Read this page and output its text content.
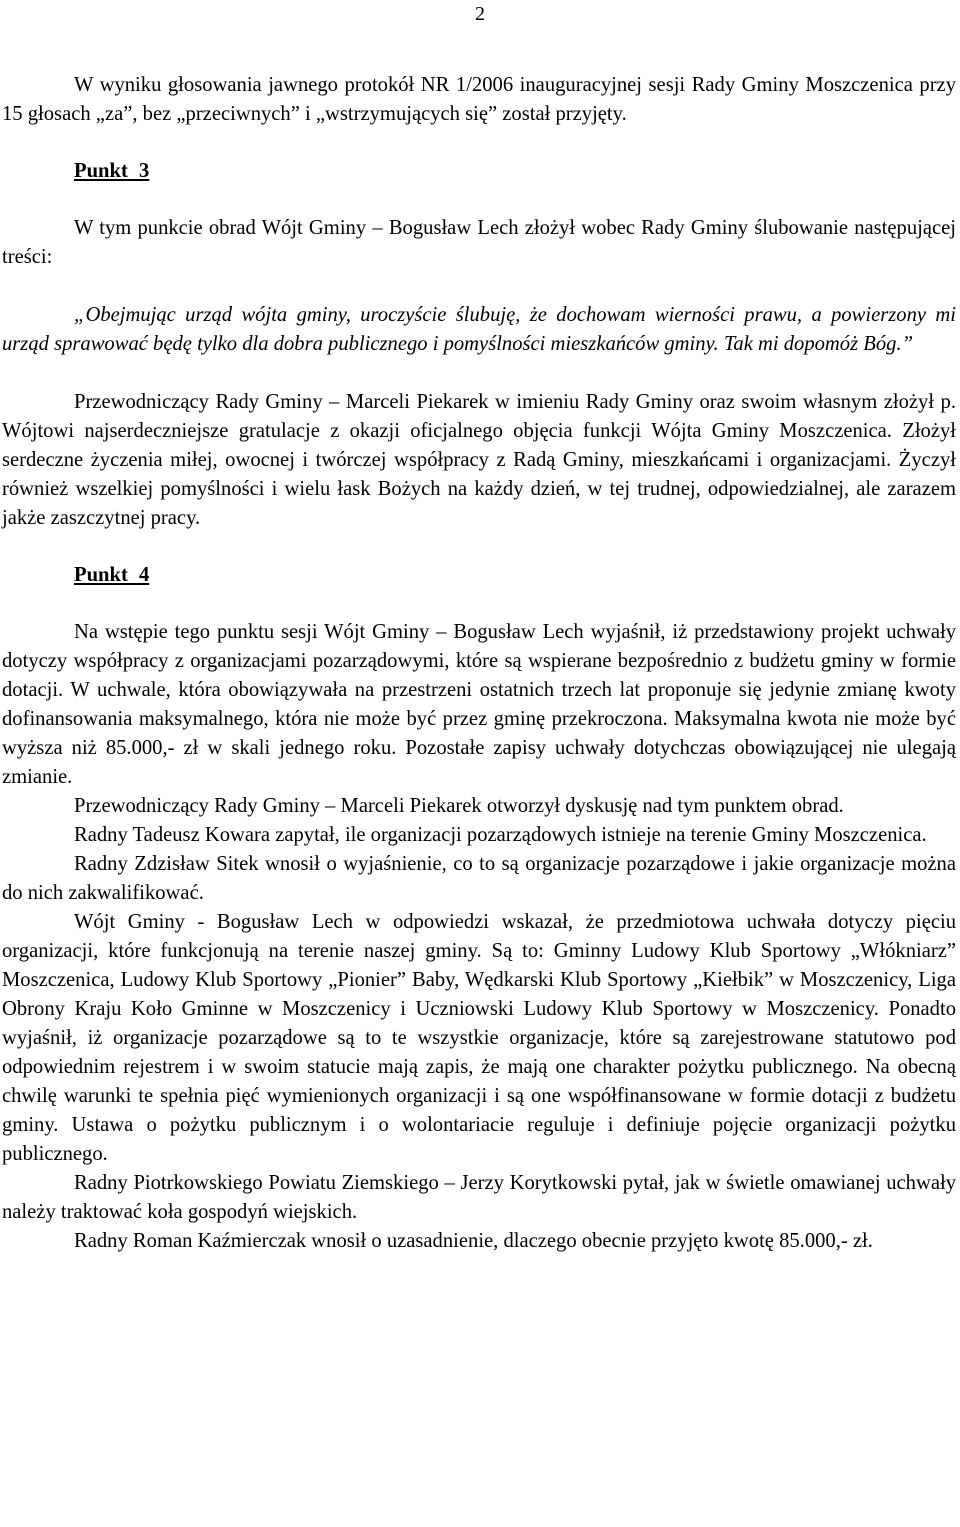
2

W wyniku głosowania jawnego protokół NR 1/2006 inauguracyjnej sesji Rady Gminy Moszczenica przy 15 głosach „za”, bez „przeciwnych” i „wstrzymujących się” został przyjęty.

Punkt 3

W tym punkcie obrad Wójt Gminy – Bogusław Lech złożył wobec Rady Gminy ślubowanie następującej treści:

„Obejmując urząd wójta gminy, uroczyście ślubuję, że dochowam wierności prawu, a powierzony mi urząd sprawować będę tylko dla dobra publicznego i pomyślności mieszkańców gminy. Tak mi dopomóż Bóg.”

Przewodniczący Rady Gminy – Marceli Piekarek w imieniu Rady Gminy oraz swoim własnym złożył p. Wójtowi najserdeczniejsze gratulacje z okazji oficjalnego objęcia funkcji Wójta Gminy Moszczenica. Złożył serdeczne życzenia miłej, owocnej i twórczej współpracy z Radą Gminy, mieszkańcami i organizacjami. Życzył również wszelkiej pomyślności i wielu łask Bożych na każdy dzień, w tej trudnej, odpowiedzialnej, ale zarazem jakże zaszczytnej pracy.

Punkt 4

Na wstępie tego punktu sesji Wójt Gminy – Bogusław Lech wyjaśnił, iż przedstawiony projekt uchwały dotyczy współpracy z organizacjami pozarządowymi, które są wspierane bezpośrednio z budżetu gminy w formie dotacji. W uchwale, która obowiązywała na przestrzeni ostatnich trzech lat proponuje się jedynie zmianę kwoty dofinansowania maksymalnego, która nie może być przez gminę przekroczona. Maksymalna kwota nie może być wyższa niż 85.000,- zł w skali jednego roku. Pozostałe zapisy uchwały dotychczas obowiązującej nie ulegają zmianie.

Przewodniczący Rady Gminy – Marceli Piekarek otworzył dyskusję nad tym punktem obrad.

Radny Tadeusz Kowara zapytał, ile organizacji pozarządowych istnieje na terenie Gminy Moszczenica.

Radny Zdzisław Sitek wnosił o wyjaśnienie, co to są organizacje pozarządowe i jakie organizacje można do nich zakwalifikować.

Wójt Gminy - Bogusław Lech w odpowiedzi wskazał, że przedmiotowa uchwała dotyczy pięciu organizacji, które funkcjonują na terenie naszej gminy. Są to: Gminny Ludowy Klub Sportowy „Włókniarz” Moszczenica, Ludowy Klub Sportowy „Pionier” Baby, Wędkarski Klub Sportowy „Kiełbik” w Moszczenicy, Liga Obrony Kraju Koło Gminne w Moszczenicy i Uczniowski Ludowy Klub Sportowy w Moszczenicy. Ponadto wyjaśnił, iż organizacje pozarządowe są to te wszystkie organizacje, które są zarejestrowane statutowo pod odpowiednim rejestrem i w swoim statucie mają zapis, że mają one charakter pożytku publicznego. Na obecną chwilę warunki te spełnia pięć wymienionych organizacji i są one współfinansowane w formie dotacji z budżetu gminy. Ustawa o pożytku publicznym i o wolontariacie reguluje i definiuje pojęcie organizacji pożytku publicznego.

Radny Piotrkowskiego Powiatu Ziemskiego – Jerzy Korytkowski pytał, jak w świetle omawianej uchwały należy traktować koła gospodyń wiejskich.

Radny Roman Kaźmierczak wnosił o uzasadnienie, dlaczego obecnie przyjęto kwotę 85.000,- zł.
